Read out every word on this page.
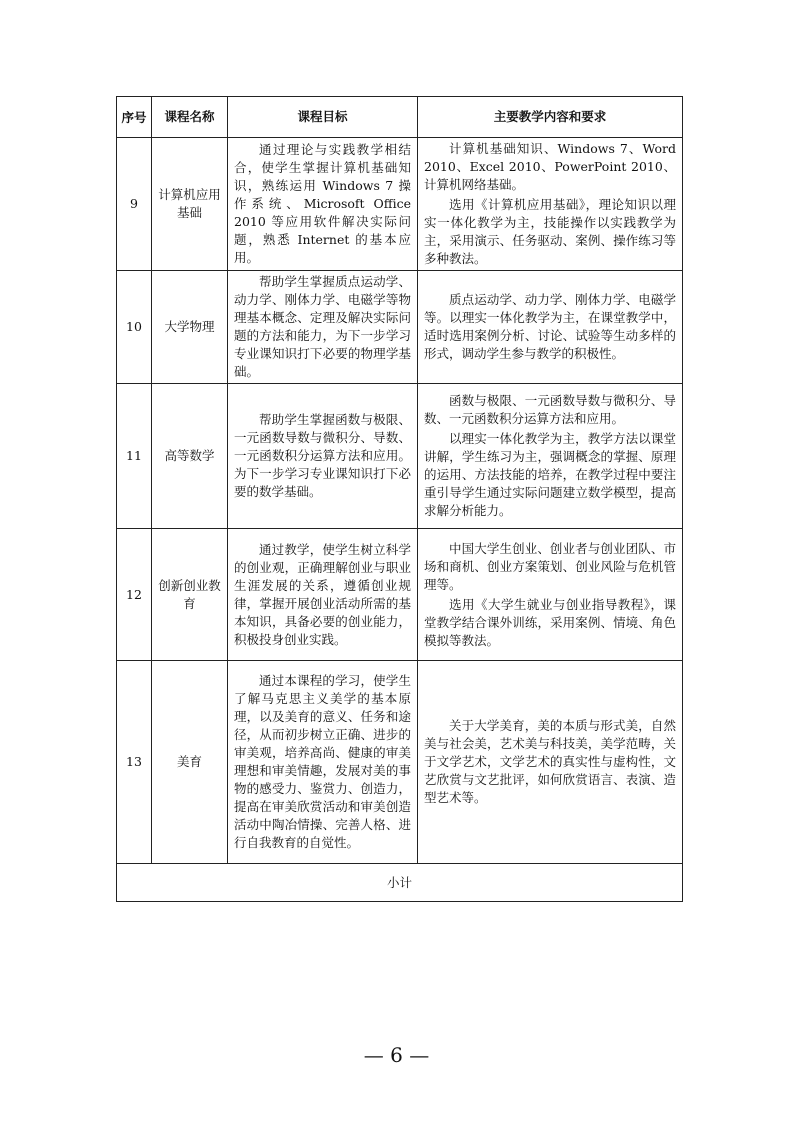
序号	课程名称	课程目标	主要教学内容和要求
9	计算机应用基础	通过理论与实践教学相结合，使学生掌握计算机基础知识，熟练运用 Windows 7 操作系统、Microsoft Office 2010 等应用软件解决实际问题，熟悉 Internet 的基本应用。	计算机基础知识、Windows 7、Word 2010、Excel 2010、PowerPoint 2010、计算机网络基础。

选用《计算机应用基础》，理论知识以理实一体化教学为主，技能操作以实践教学为主，采用演示、任务驱动、案例、操作练习等多种教法。

10	大学物理	帮助学生掌握质点运动学、动力学、刚体力学、电磁学等物理基本概念、定理及解决实际问题的方法和能力，为下一步学习专业课知识打下必要的物理学基础。	质点运动学、动力学、刚体力学、电磁学等。以理实一体化教学为主，在课堂教学中，适时选用案例分析、讨论、试验等生动多样的形式，调动学生参与教学的积极性。

11	高等数学	帮助学生掌握函数与极限、一元函数导数与微积分、导数、一元函数积分运算方法和应用。为下一步学习专业课知识打下必要的数学基础。	函数与极限、一元函数导数与微积分、导数、一元函数积分运算方法和应用。

以理实一体化教学为主，教学方法以课堂讲解，学生练习为主，强调概念的掌握、原理的运用、方法技能的培养，在教学过程中要注重引导学生通过实际问题建立数学模型，提高求解分析能力。

12	创新创业教育	通过教学，使学生树立科学的创业观，正确理解创业与职业生涯发展的关系，遵循创业规律，掌握开展创业活动所需的基本知识，具备必要的创业能力，积极投身创业实践。	中国大学生创业、创业者与创业团队、市场和商机、创业方案策划、创业风险与危机管理等。

选用《大学生就业与创业指导教程》，课堂教学结合课外训练，采用案例、情境、角色模拟等教法。

13	美育	通过本课程的学习，使学生了解马克思主义美学的基本原理，以及美育的意义、任务和途径，从而初步树立正确、进步的审美观，培养高尚、健康的审美理想和审美情趣，发展对美的事物的感受力、鉴赏力、创造力，提高在审美欣赏活动和审美创造活动中陶冶情操、完善人格、进行自我教育的自觉性。	关于大学美育，美的本质与形式美，自然美与社会美，艺术美与科技美，美学范畴，关于文学艺术，文学艺术的真实性与虚构性，文艺欣赏与文艺批评，如何欣赏语言、表演、造型艺术等。

小计			
— 6 —
